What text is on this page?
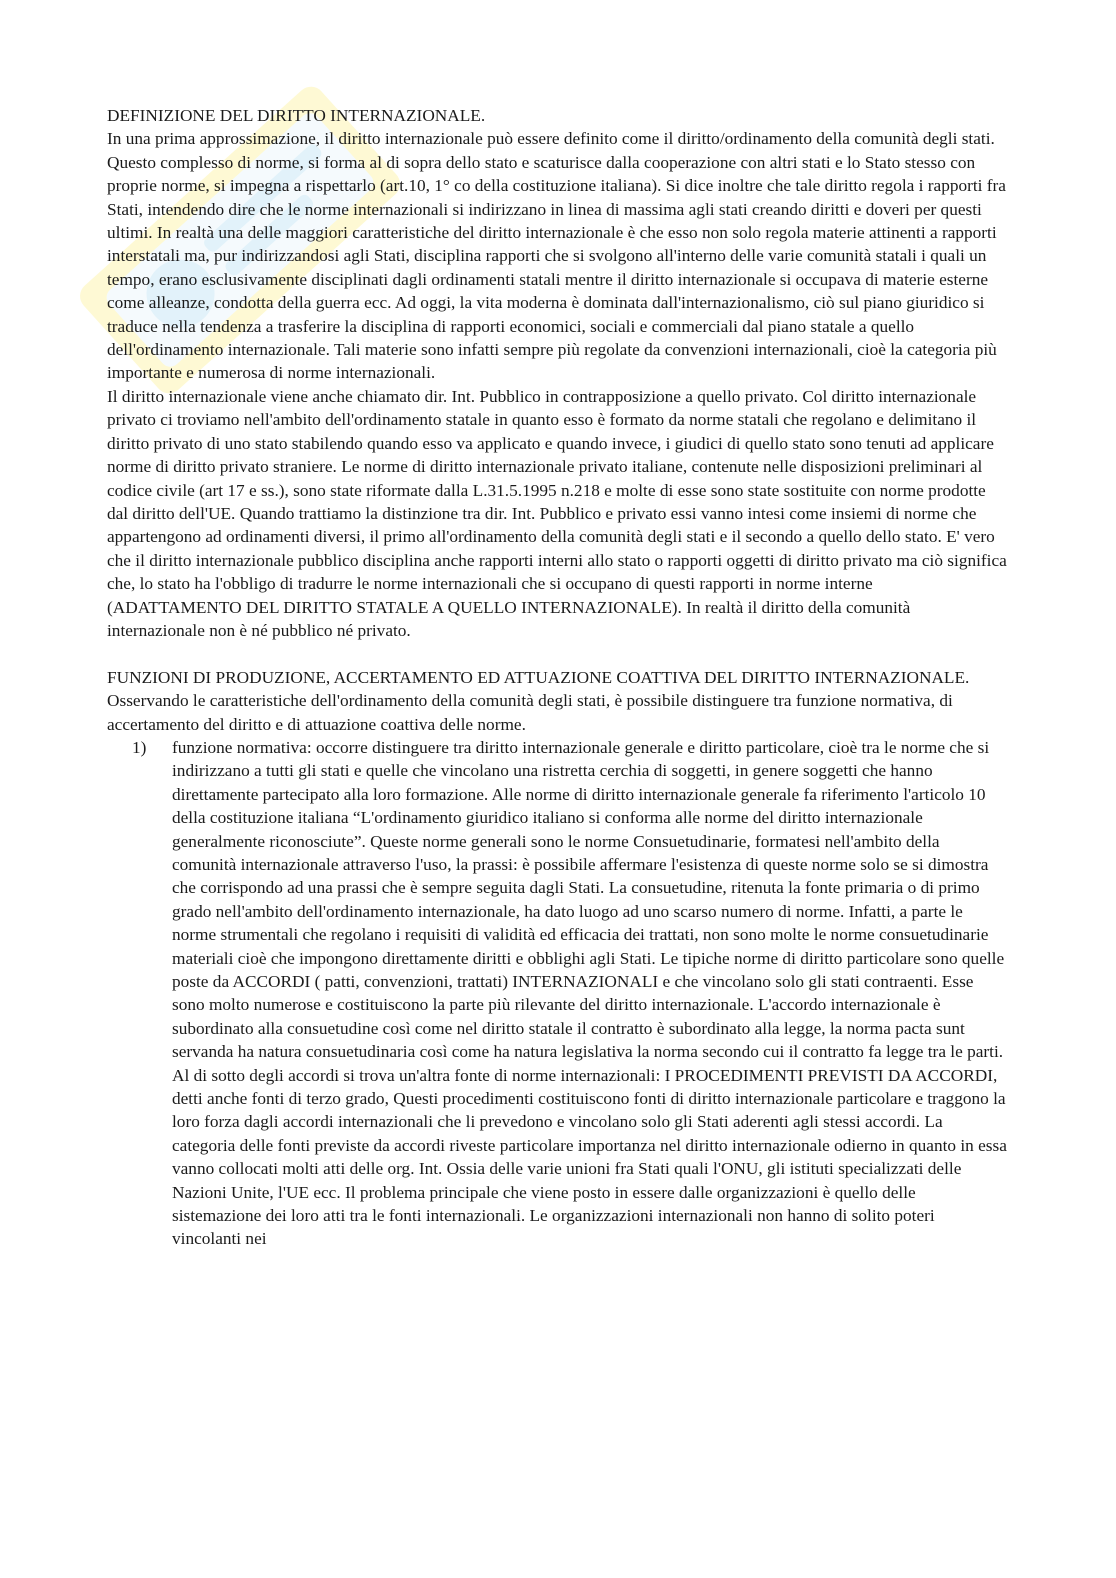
DEFINIZIONE DEL DIRITTO INTERNAZIONALE.

In una prima approssimazione, il diritto internazionale può essere definito come il diritto/ordinamento della comunità degli stati. Questo complesso di norme, si forma al di sopra dello stato e scaturisce dalla cooperazione con altri stati e lo Stato stesso con proprie norme, si impegna a rispettarlo (art.10, 1° co della costituzione italiana). Si dice inoltre che tale diritto regola i rapporti fra Stati, intendendo dire che le norme internazionali si indirizzano in linea di massima agli stati creando diritti e doveri per questi ultimi. In realtà una delle maggiori caratteristiche del diritto internazionale è che esso non solo regola materie attinenti a rapporti interstatali ma, pur indirizzandosi agli Stati, disciplina rapporti che si svolgono all'interno delle varie comunità statali i quali un tempo, erano esclusivamente disciplinati dagli ordinamenti statali mentre il diritto internazionale si occupava di materie esterne come alleanze, condotta della guerra ecc. Ad oggi, la vita moderna è dominata dall'internazionalismo, ciò sul piano giuridico si traduce nella tendenza a trasferire la disciplina di rapporti economici, sociali e commerciali dal piano statale a quello dell'ordinamento internazionale. Tali materie sono infatti sempre più regolate da convenzioni internazionali, cioè la categoria più importante e numerosa di norme internazionali.

Il diritto internazionale viene anche chiamato dir. Int. Pubblico in contrapposizione a quello privato. Col diritto internazionale privato ci troviamo nell'ambito dell'ordinamento statale in quanto esso è formato da norme statali che regolano e delimitano il diritto privato di uno stato stabilendo quando esso va applicato e quando invece, i giudici di quello stato sono tenuti ad applicare norme di diritto privato straniere. Le norme di diritto internazionale privato italiane, contenute nelle disposizioni preliminari al codice civile (art 17 e ss.), sono state riformate dalla L.31.5.1995 n.218 e molte di esse sono state sostituite con norme prodotte dal diritto dell'UE. Quando trattiamo la distinzione tra dir. Int. Pubblico e privato essi vanno intesi come insiemi di norme che appartengono ad ordinamenti diversi, il primo all'ordinamento della comunità degli stati e il secondo a quello dello stato. E' vero che il diritto internazionale pubblico disciplina anche rapporti interni allo stato o rapporti oggetti di diritto privato ma ciò significa che, lo stato ha l'obbligo di tradurre le norme internazionali che si occupano di questi rapporti in norme interne (ADATTAMENTO DEL DIRITTO STATALE A QUELLO INTERNAZIONALE). In realtà il diritto della comunità internazionale non è né pubblico né privato.

FUNZIONI DI PRODUZIONE, ACCERTAMENTO ED ATTUAZIONE COATTIVA DEL DIRITTO INTERNAZIONALE.

Osservando le caratteristiche dell'ordinamento della comunità degli stati, è possibile distinguere tra funzione normativa, di accertamento del diritto e di attuazione coattiva delle norme.

1)	funzione normativa: occorre distinguere tra diritto internazionale generale e diritto particolare, cioè tra le norme che si indirizzano a tutti gli stati e quelle che vincolano una ristretta cerchia di soggetti, in genere soggetti che hanno direttamente partecipato alla loro formazione. Alle norme di diritto internazionale generale fa riferimento l'articolo 10 della costituzione italiana “L'ordinamento giuridico italiano si conforma alle norme del diritto internazionale generalmente riconosciute”. Queste norme generali sono le norme Consuetudinarie, formatesi nell'ambito della comunità internazionale attraverso l'uso, la prassi: è possibile affermare l'esistenza di queste norme solo se si dimostra che corrispondo ad una prassi che è sempre seguita dagli Stati. La consuetudine, ritenuta la fonte primaria o di primo grado nell'ambito dell'ordinamento internazionale, ha dato luogo ad uno scarso numero di norme. Infatti, a parte le norme strumentali che regolano i requisiti di validità ed efficacia dei trattati, non sono molte le norme consuetudinarie materiali cioè che impongono direttamente diritti e obblighi agli Stati. Le tipiche norme di diritto particolare sono quelle poste da ACCORDI ( patti, convenzioni, trattati) INTERNAZIONALI e che vincolano solo gli stati contraenti. Esse sono molto numerose e costituiscono la parte più rilevante del diritto internazionale. L'accordo internazionale è subordinato alla consuetudine così come nel diritto statale il contratto è subordinato alla legge, la norma pacta sunt servanda ha natura consuetudinaria così come ha natura legislativa la norma secondo cui il contratto fa legge tra le parti. Al di sotto degli accordi si trova un'altra fonte di norme internazionali: I PROCEDIMENTI PREVISTI DA ACCORDI, detti anche fonti di terzo grado, Questi procedimenti costituiscono fonti di diritto internazionale particolare e traggono la loro forza dagli accordi internazionali che li prevedono e vincolano solo gli Stati aderenti agli stessi accordi. La categoria delle fonti previste da accordi riveste particolare importanza nel diritto internazionale odierno in quanto in essa vanno collocati molti atti delle org. Int. Ossia delle varie unioni fra Stati quali l'ONU, gli istituti specializzati delle Nazioni Unite, l'UE ecc. Il problema principale che viene posto in essere dalle organizzazioni è quello delle sistemazione dei loro atti tra le fonti internazionali. Le organizzazioni internazionali non hanno di solito poteri vincolanti nei
